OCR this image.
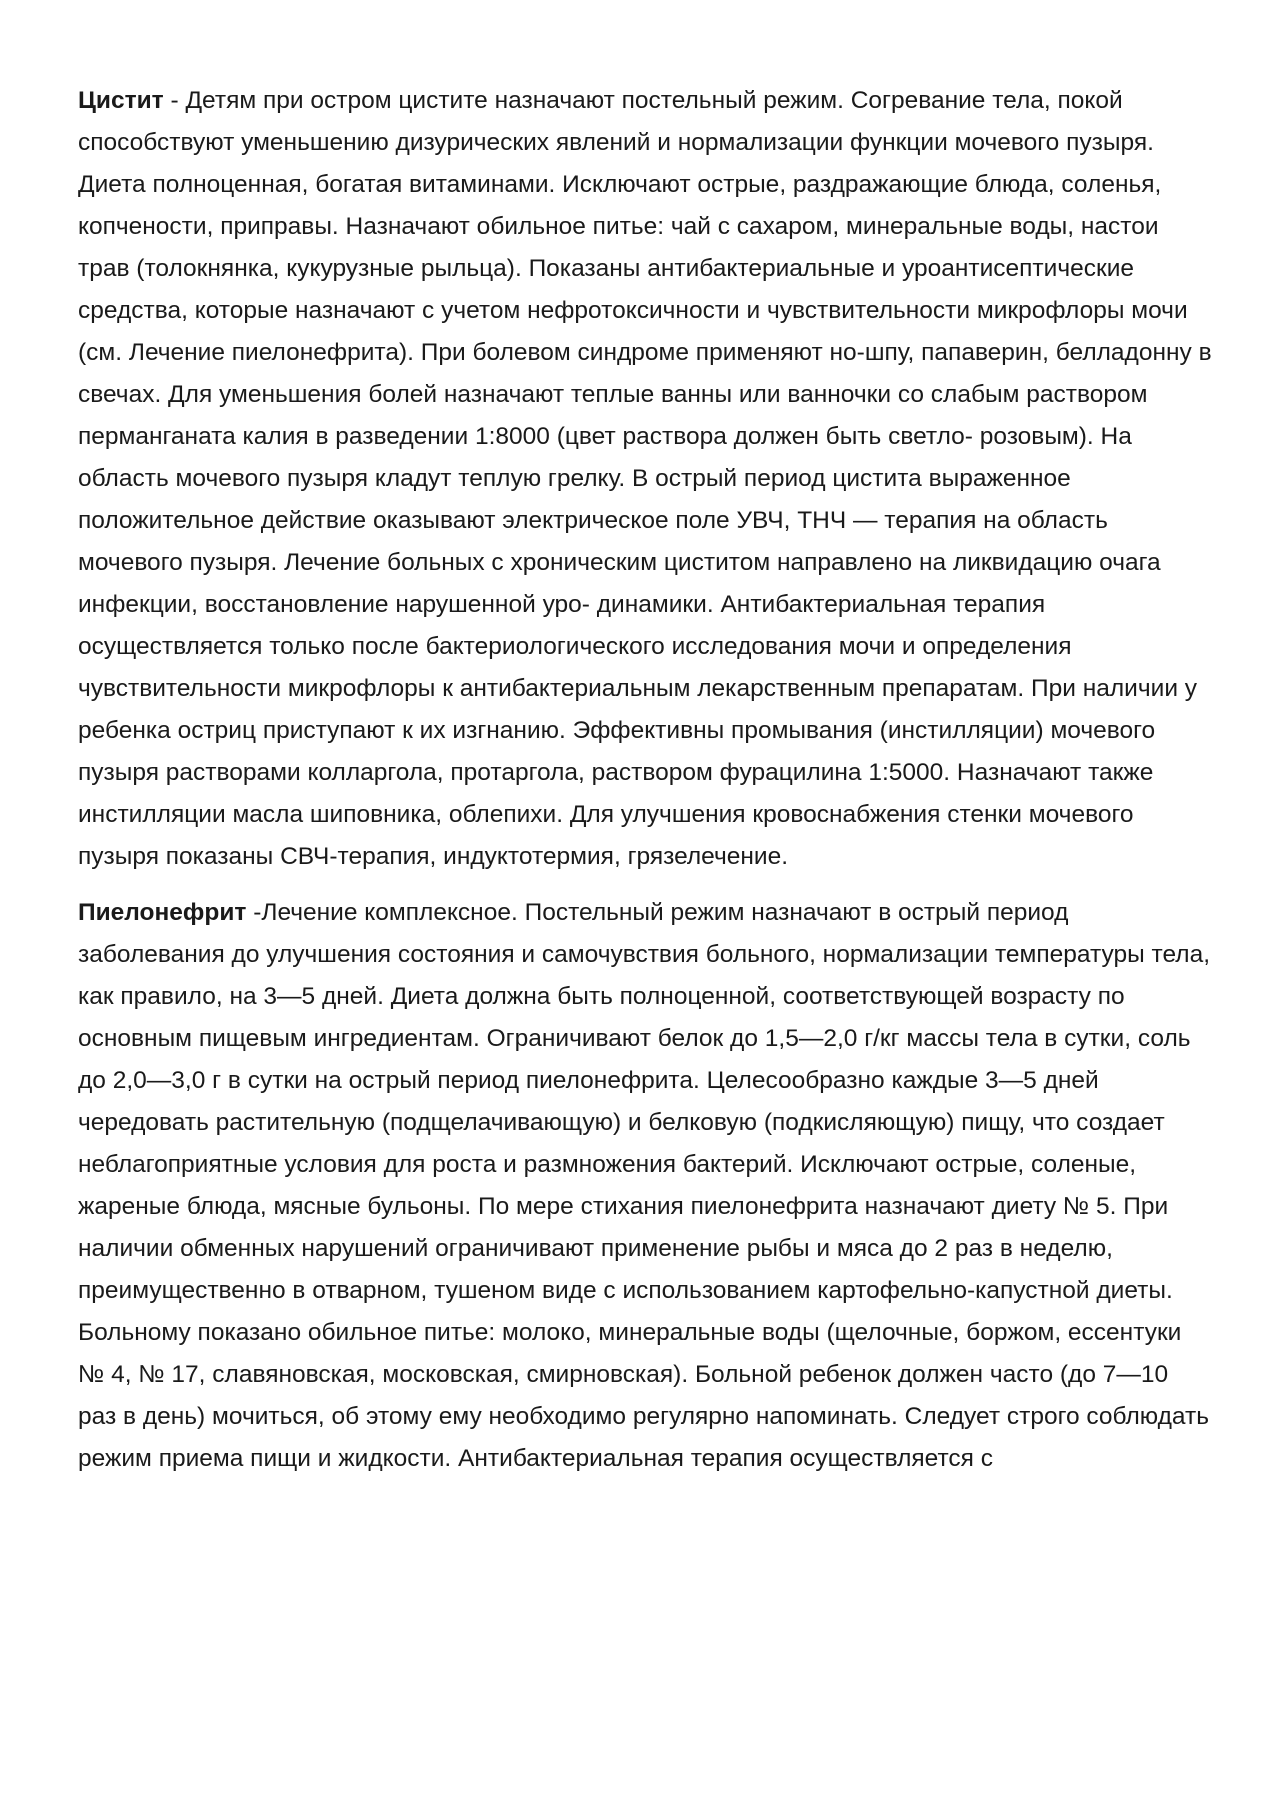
Цистит - Детям при остром цистите назначают постельный режим. Согревание тела, покой способствуют уменьшению дизурических явлений и нормализации функции мочевого пузыря. Диета полноценная, богатая витаминами. Исключают острые, раздражающие блюда, соленья, копчености, приправы. Назначают обильное питье: чай с сахаром, минеральные воды, настои трав (толокнянка, кукурузные рыльца). Показаны антибактериальные и уроантисептические средства, которые назначают с учетом нефротоксичности и чувствительности микрофлоры мочи (см. Лечение пиелонефрита). При болевом синдроме применяют но-шпу, папаверин, белладонну в свечах. Для уменьшения болей назначают теплые ванны или ванночки со слабым раствором перманганата калия в разведении 1:8000 (цвет раствора должен быть светло- розовым). На область мочевого пузыря кладут теплую грелку. В острый период цистита выраженное положительное действие оказывают электрическое поле УВЧ, ТНЧ — терапия на область мочевого пузыря. Лечение больных с хроническим циститом направлено на ликвидацию очага инфекции, восстановление нарушенной уро- динамики. Антибактериальная терапия осуществляется только после бактериологического исследования мочи и определения чувствительности микрофлоры к антибактериальным лекарственным препаратам. При наличии у ребенка остриц приступают к их изгнанию. Эффективны промывания (инстилляции) мочевого пузыря растворами колларгола, протаргола, раствором фурацилина 1:5000. Назначают также инстилляции масла шиповника, облепихи. Для улучшения кровоснабжения стенки мочевого пузыря показаны СВЧ-терапия, индуктотермия, грязелечение.

Пиелонефрит -Лечение комплексное. Постельный режим назначают в острый период заболевания до улучшения состояния и самочувствия больного, нормализации температуры тела, как правило, на 3—5 дней. Диета должна быть полноценной, соответствующей возрасту по основным пищевым ингредиентам. Ограничивают белок до 1,5—2,0 г/кг массы тела в сутки, соль до 2,0—3,0 г в сутки на острый период пиелонефрита. Целесообразно каждые 3—5 дней чередовать растительную (подщелачивающую) и белковую (подкисляющую) пищу, что создает неблагоприятные условия для роста и размножения бактерий. Исключают острые, соленые, жареные блюда, мясные бульоны. По мере стихания пиелонефрита назначают диету № 5. При наличии обменных нарушений ограничивают применение рыбы и мяса до 2 раз в неделю, преимущественно в отварном, тушеном виде с использованием картофельно-капустной диеты. Больному показано обильное питье: молоко, минеральные воды (щелочные, боржом, ессентуки № 4, № 17, славяновская, московская, смирновская). Больной ребенок должен часто (до 7—10 раз в день) мочиться, об этому ему необходимо регулярно напоминать. Следует строго соблюдать режим приема пищи и жидкости. Антибактериальная терапия осуществляется с
